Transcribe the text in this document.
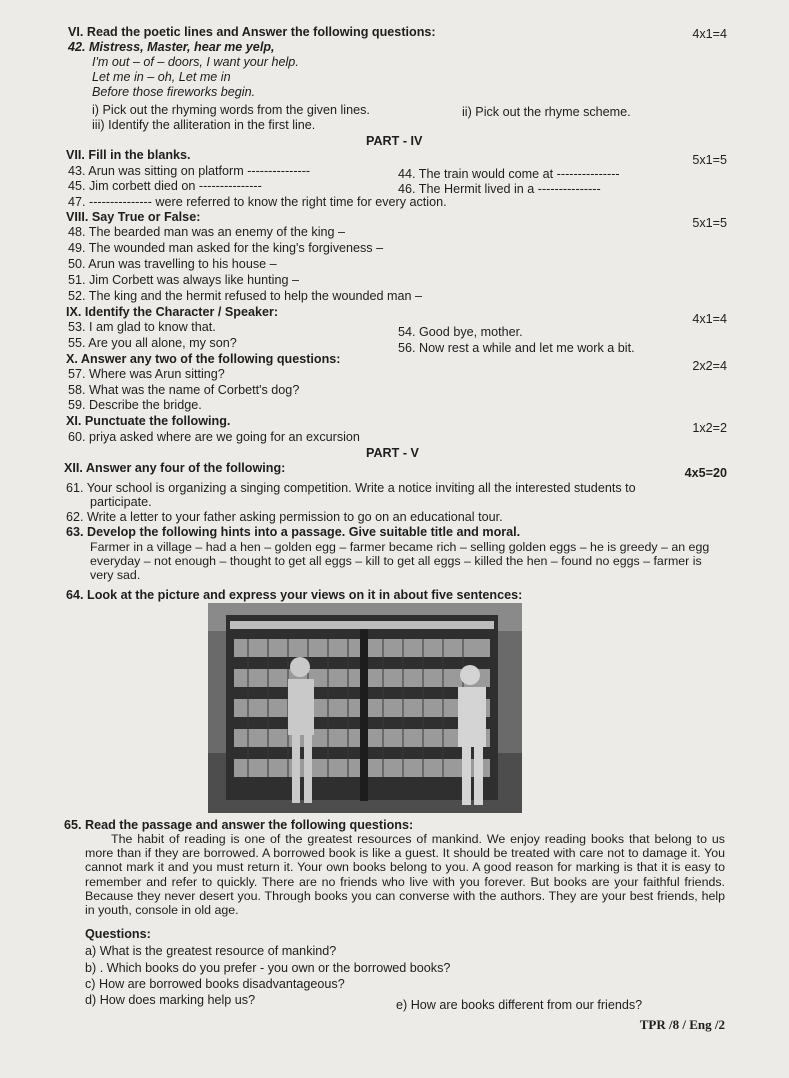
VI. Read the poetic lines and Answer the following questions:	4x1=4
42. Mistress, Master, hear me yelp,
I'm out – of – doors, I want your help.
Let me in – oh, Let me in
Before those fireworks begin.
i) Pick out the rhyming words from the given lines.	ii) Pick out the rhyme scheme.
iii) Identify the alliteration in the first line.
PART - IV
VII. Fill in the blanks.	5x1=5
43. Arun was sitting on platform ---------------	44. The train would come at ---------------
45. Jim corbett died on ---------------	46. The Hermit lived in a ---------------
47. --------------- were referred to know the right time for every action.
VIII. Say True or False:	5x1=5
48. The bearded man was an enemy of the king –
49. The wounded man asked for the king's forgiveness –
50. Arun was travelling to his house –
51. Jim Corbett was always like hunting –
52. The king and the hermit refused to help the wounded man –
IX. Identify the Character / Speaker:	4x1=4
53. I am glad to know that.	54. Good bye, mother.
55. Are you all alone, my son?	56. Now rest a while and let me work a bit.
X. Answer any two of the following questions:	2x2=4
57. Where was Arun sitting?
58. What was the name of Corbett's dog?
59. Describe the bridge.
XI. Punctuate the following.	1x2=2
60. priya asked where are we going for an excursion
PART - V
XII. Answer any four of the following:	4x5=20
61. Your school is organizing a singing competition. Write a notice inviting all the interested students to
participate.
62. Write a letter to your father asking permission to go on an educational tour.
63. Develop the following hints into a passage. Give suitable title and moral.
Farmer in a village – had a hen – golden egg – farmer became rich – selling golden eggs – he is greedy – an egg everyday – not enough – thought to get all eggs – kill to get all eggs – killed the hen – found no eggs – farmer is very sad.
64. Look at the picture and express your views on it in about five sentences:
65. Read the passage and answer the following questions:
The habit of reading is one of the greatest resources of mankind. We enjoy reading books that belong to us more than if they are borrowed. A borrowed book is like a guest. It should be treated with care not to damage it. You cannot mark it and you must return it. Your own books belong to you. A good reason for marking is that it is easy to remember and refer to quickly. There are no friends who live with you forever. But books are your faithful friends. Because they never desert you. Through books you can converse with the authors. They are your best friends, help in youth, console in old age.
Questions:
a) What is the greatest resource of mankind?
b) . Which books do you prefer - you own or the borrowed books?
c) How are borrowed books disadvantageous?
d) How does marking help us?	e) How are books different from our friends?
TPR /8 / Eng /2
